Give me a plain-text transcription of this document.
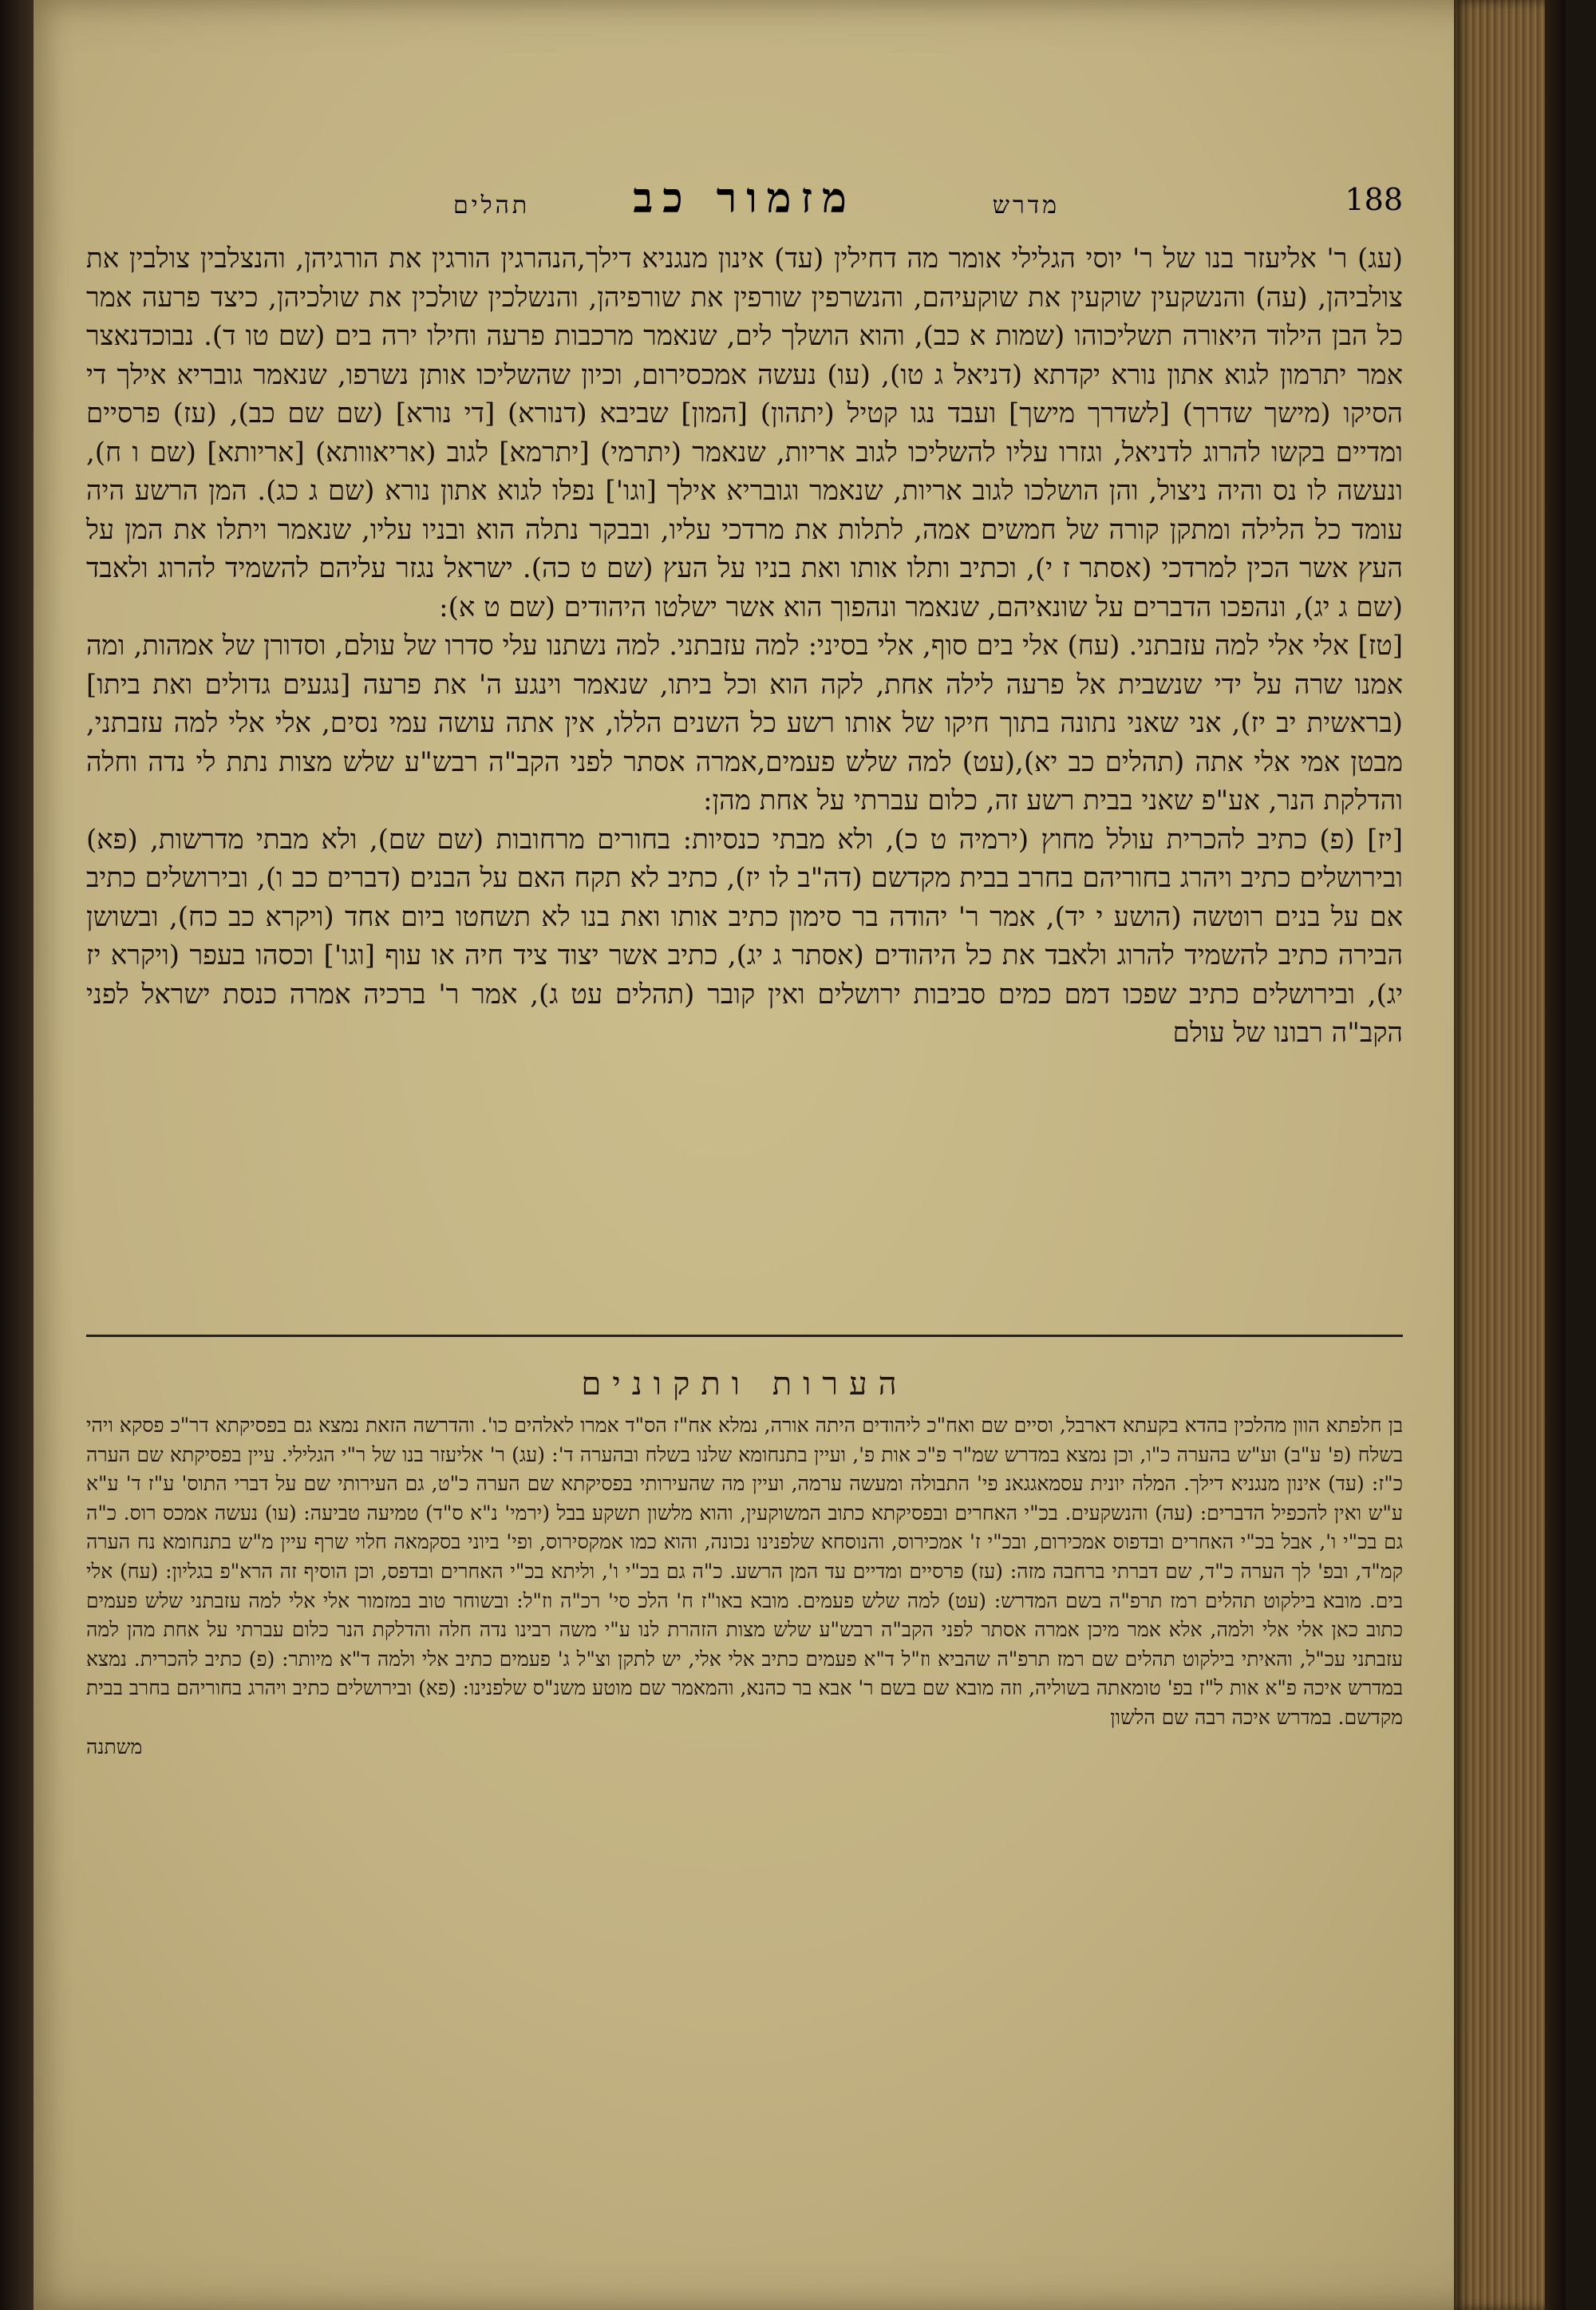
188
מדרש
מזמור כב
תהלים

(עג) ר' אליעזר בנו של ר' יוסי הגלילי אומר מה דחילין (עד) אינון מנגניא דילך,הנהרגין הורגין את הורגיהן, והנצלבין צולבין את צולביהן, (עה) והנשקעין שוקעין את שוקעיהם, והנשרפין שורפין את שורפיהן, והנשלכין שולכין את שולכיהן, כיצד פרעה אמר כל הבן הילוד היאורה תשליכוהו (שמות א כב), והוא הושלך לים, שנאמר מרכבות פרעה וחילו ירה בים (שם טו ד). נבוכדנאצר אמר יתרמון לגוא אתון נורא יקדתא (דניאל ג טו), (עו) נעשה אמכסירום, וכיון שהשליכו אותן נשרפו, שנאמר גובריא אילך די הסיקו (מישך שדרך) [לשדרך מישך] ועבד נגו קטיל (יתהון) [המון] שביבא (דנורא) [די נורא] (שם שם כב), (עז) פרסיים ומדיים בקשו להרוג לדניאל, וגזרו עליו להשליכו לגוב אריות, שנאמר (יתרמי) [יתרמא] לגוב (אריאוותא) [אריותא] (שם ו ח), ונעשה לו נס והיה ניצול, והן הושלכו לגוב אריות, שנאמר וגובריא אילך [וגו'] נפלו לגוא אתון נורא (שם ג כג). המן הרשע היה עומד כל הלילה ומתקן קורה של חמשים אמה, לתלות את מרדכי עליו, ובבקר נתלה הוא ובניו עליו, שנאמר ויתלו את המן על העץ אשר הכין למרדכי (אסתר ז י), וכתיב ותלו אותו ואת בניו על העץ (שם ט כה). ישראל נגזר עליהם להשמיד להרוג ולאבד (שם ג יג), ונהפכו הדברים על שונאיהם, שנאמר ונהפוך הוא אשר ישלטו היהודים (שם ט א):

[טז] אלי אלי למה עזבתני. (עח) אלי בים סוף, אלי בסיני: למה עזבתני. למה נשתנו עלי סדרו של עולם, וסדורן של אמהות, ומה אמנו שרה על ידי שנשבית אל פרעה לילה אחת, לקה הוא וכל ביתו, שנאמר וינגע ה' את פרעה [נגעים גדולים ואת ביתו] (בראשית יב יז), אני שאני נתונה בתוך חיקו של אותו רשע כל השנים הללו, אין אתה עושה עמי נסים, אלי אלי למה עזבתני, מבטן אמי אלי אתה (תהלים כב יא),(עט) למה שלש פעמים,אמרה אסתר לפני הקב"ה רבש"ע שלש מצות נתת לי נדה וחלה והדלקת הנר, אע"פ שאני בבית רשע זה, כלום עברתי על אחת מהן:

[יז] (פ) כתיב להכרית עולל מחוץ (ירמיה ט כ), ולא מבתי כנסיות: בחורים מרחובות (שם שם), ולא מבתי מדרשות, (פא) ובירושלים כתיב ויהרג בחוריהם בחרב בבית מקדשם (דה"ב לו יז), כתיב לא תקח האם על הבנים (דברים כב ו), ובירושלים כתיב אם על בנים רוטשה (הושע י יד), אמר ר' יהודה בר סימון כתיב אותו ואת בנו לא תשחטו ביום אחד (ויקרא כב כח), ובשושן הבירה כתיב להשמיד להרוג ולאבד את כל היהודים (אסתר ג יג), כתיב אשר יצוד ציד חיה או עוף [וגו'] וכסהו בעפר (ויקרא יז יג), ובירושלים כתיב שפכו דמם כמים סביבות ירושלים ואין קובר (תהלים עט ג), אמר ר' ברכיה אמרה כנסת ישראל לפני הקב"ה רבונו של עולם

הערות ותקונים
בן חלפתא הוון מהלכין בהדא בקעתא דארבל, וסיים שם ואח"כ ליהודים היתה אורה, נמלא אח"ז הס"ד אמרו לאלהים כו'. והדרשה הזאת נמצא גם בפסיקתא דר"כ פסקא ויהי בשלח (פ' ע"ב) וע"ש בהערה כ"ו, וכן נמצא במדרש שמ"ר פ"כ אות פ', ועיין בתנחומא שלנו בשלח ובהערה ד': (עג) ר' אליעזר בנו של ר"י הגלילי. עיין בפסיקתא שם הערה כ"ז: (עד) אינון מנגניא דילך. המלה יונית עסמאגגאנ פי' התבולה ומעשה ערמה, ועיין מה שהעירותי בפסיקתא שם הערה כ"ט, גם העירותי שם על דברי התוס' ע"ז ד' ע"א ע"ש ואין להכפיל הדברים: (עה) והנשקעים. בכ"י האחרים ובפסיקתא כתוב המשוקעין, והוא מלשון תשקע בבל (ירמי' נ"א ס"ד) טמיעה טביעה: (עו) נעשה אמכס רוס. כ"ה גם בכ"י ו', אבל בכ"י האחרים ובדפוס אמכירום, ובכ"י ז' אמכירוס, והנוסחא שלפנינו נכונה, והוא כמו אמקסירוס, ופי' ביוני בסקמאה חלוי שרף עיין מ"ש בתנחומא נח הערה קמ"ד, ובפ' לך הערה כ"ד, שם דברתי ברחבה מזה: (עז) פרסיים ומדיים עד המן הרשע. כ"ה גם בכ"י ו', וליתא בכ"י האחרים ובדפס, וכן הוסיף זה הרא"פ בגליון: (עח) אלי בים. מובא בילקוט תהלים רמז תרפ"ה בשם המדרש: (עט) למה שלש פעמים. מובא באו"ז ח' הלכ סי' רכ"ה וז"ל: ובשוחר טוב במזמור אלי אלי למה עזבתני שלש פעמים כתוב כאן אלי אלי ולמה, אלא אמר מיכן אמרה אסתר לפני הקב"ה רבש"ע שלש מצות הזהרת לנו ע"י משה רבינו נדה חלה והדלקת הנר כלום עברתי על אחת מהן למה עזבתני עכ"ל, והאיתי בילקוט תהלים שם רמז תרפ"ה שהביא וז"ל ד"א פעמים כתיב אלי אלי, יש לתקן וצ"ל ג' פעמים כתיב אלי ולמה ד"א מיותר: (פ) כתיב להכרית. נמצא במדרש איכה פ"א אות ל"ז בפ' טומאתה בשוליה, וזה מובא שם בשם ר' אבא בר כהנא, והמאמר שם מוטע משנ"ס שלפנינו: (פא) ובירושלים כתיב ויהרג בחוריהם בחרב בבית מקדשם. במדרש איכה רבה שם הלשון
משתנה
